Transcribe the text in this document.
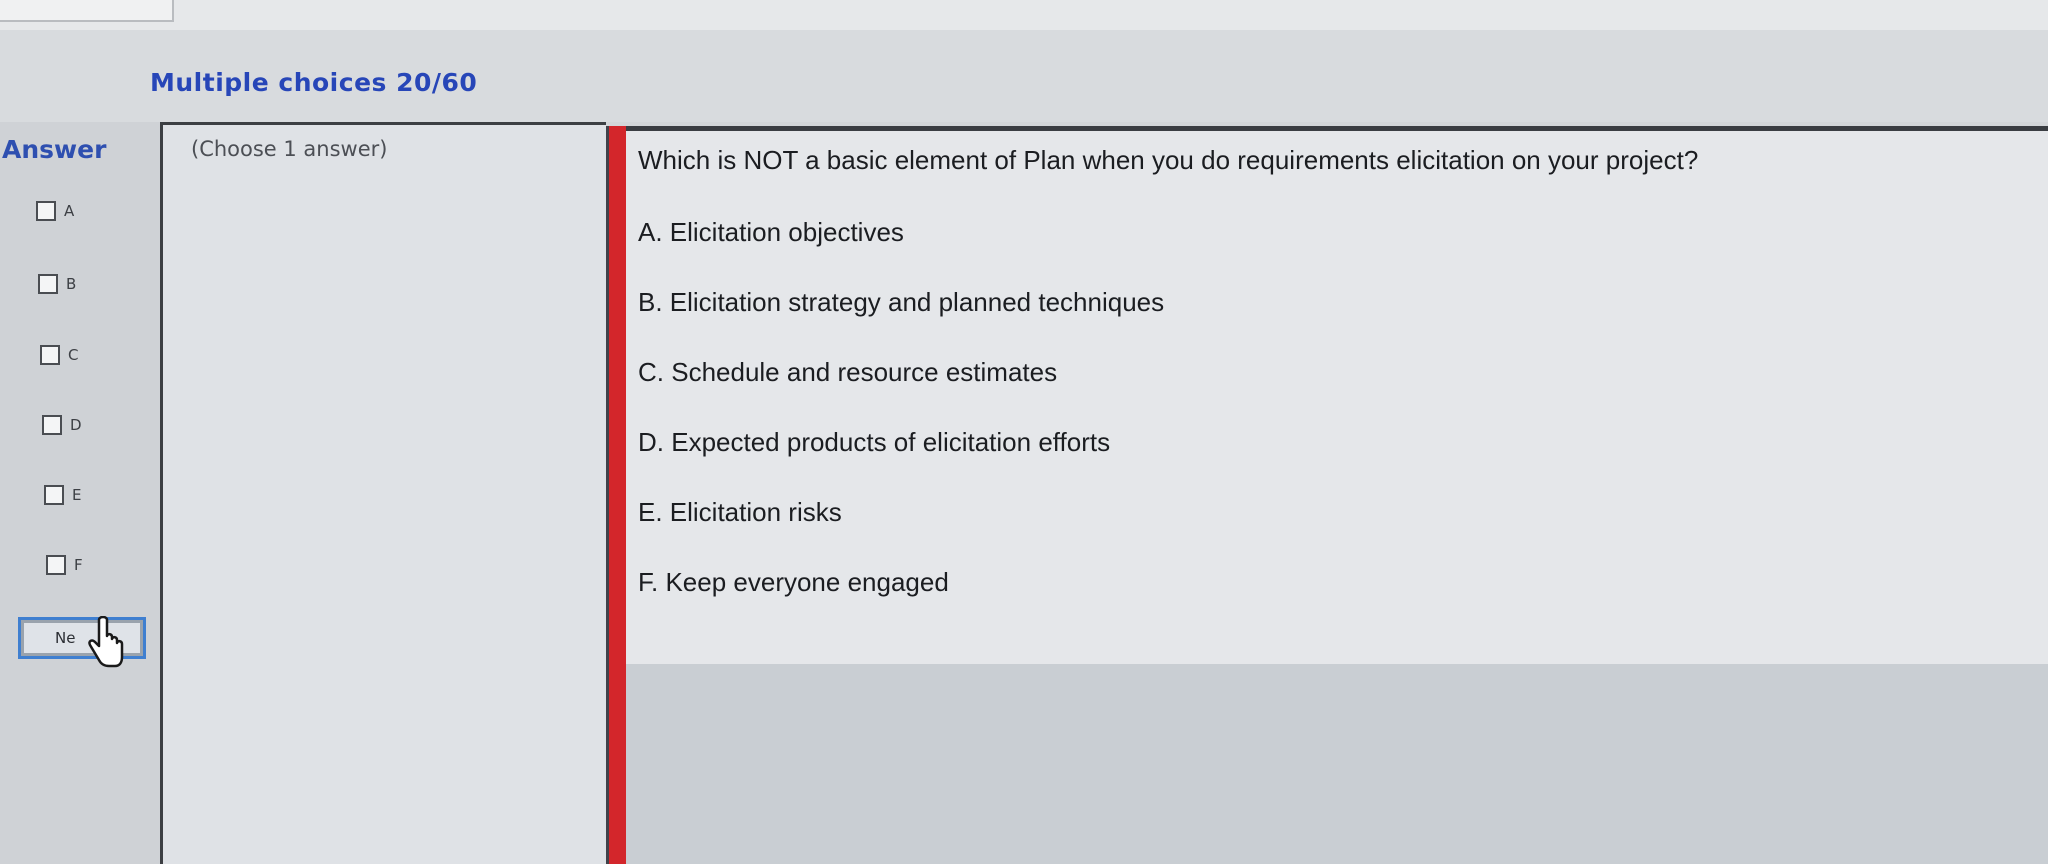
Multiple choices 20/60
Answer
A
B
C
D
E
F
Ne
(Choose 1 answer)	Which is NOT a basic element of Plan when you do requirements elicitation on your project?
A. Elicitation objectives
B. Elicitation strategy and planned techniques
C. Schedule and resource estimates
D. Expected products of elicitation efforts
E. Elicitation risks
F. Keep everyone engaged
